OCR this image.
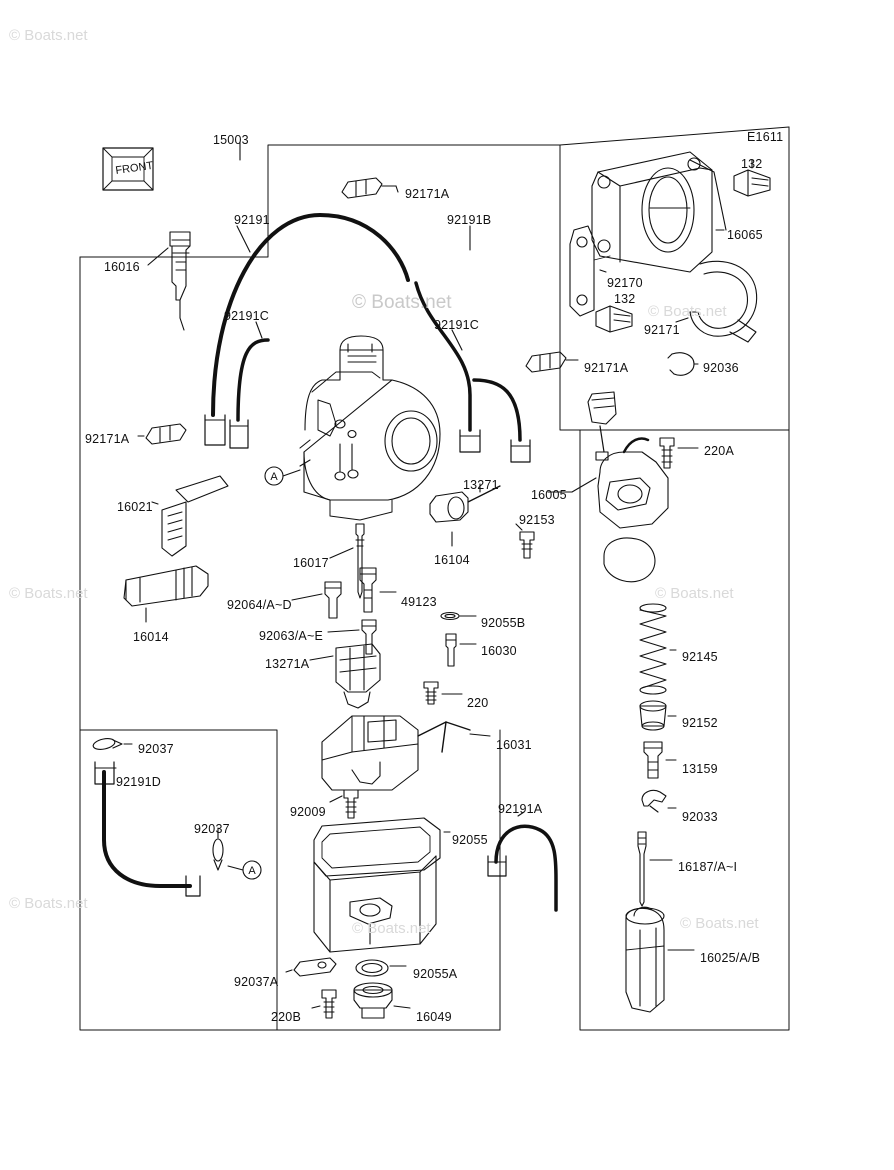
FRONT
A
A
15003
92171A
E1611
132
92191	92191B
16065
16016
92170
132
92191C
92191C	92171
92171A	92036
92171A
220A
13271
16005
16021
92153
16017	16104
92064/A~D	49123
16014
92055B
92063/A~E
92145
16030
13271A
220
92152
16031
92037
13159
92191D
92009	92191A
92033
92037
92055
16187/A~I
16025/A/B
92037A
92055A
220B	16049
© Boats.net
© Boats.net	© Boats.net
© Boats.net	© Boats.net
© Boats.net
© Boats.net	© Boats.net
